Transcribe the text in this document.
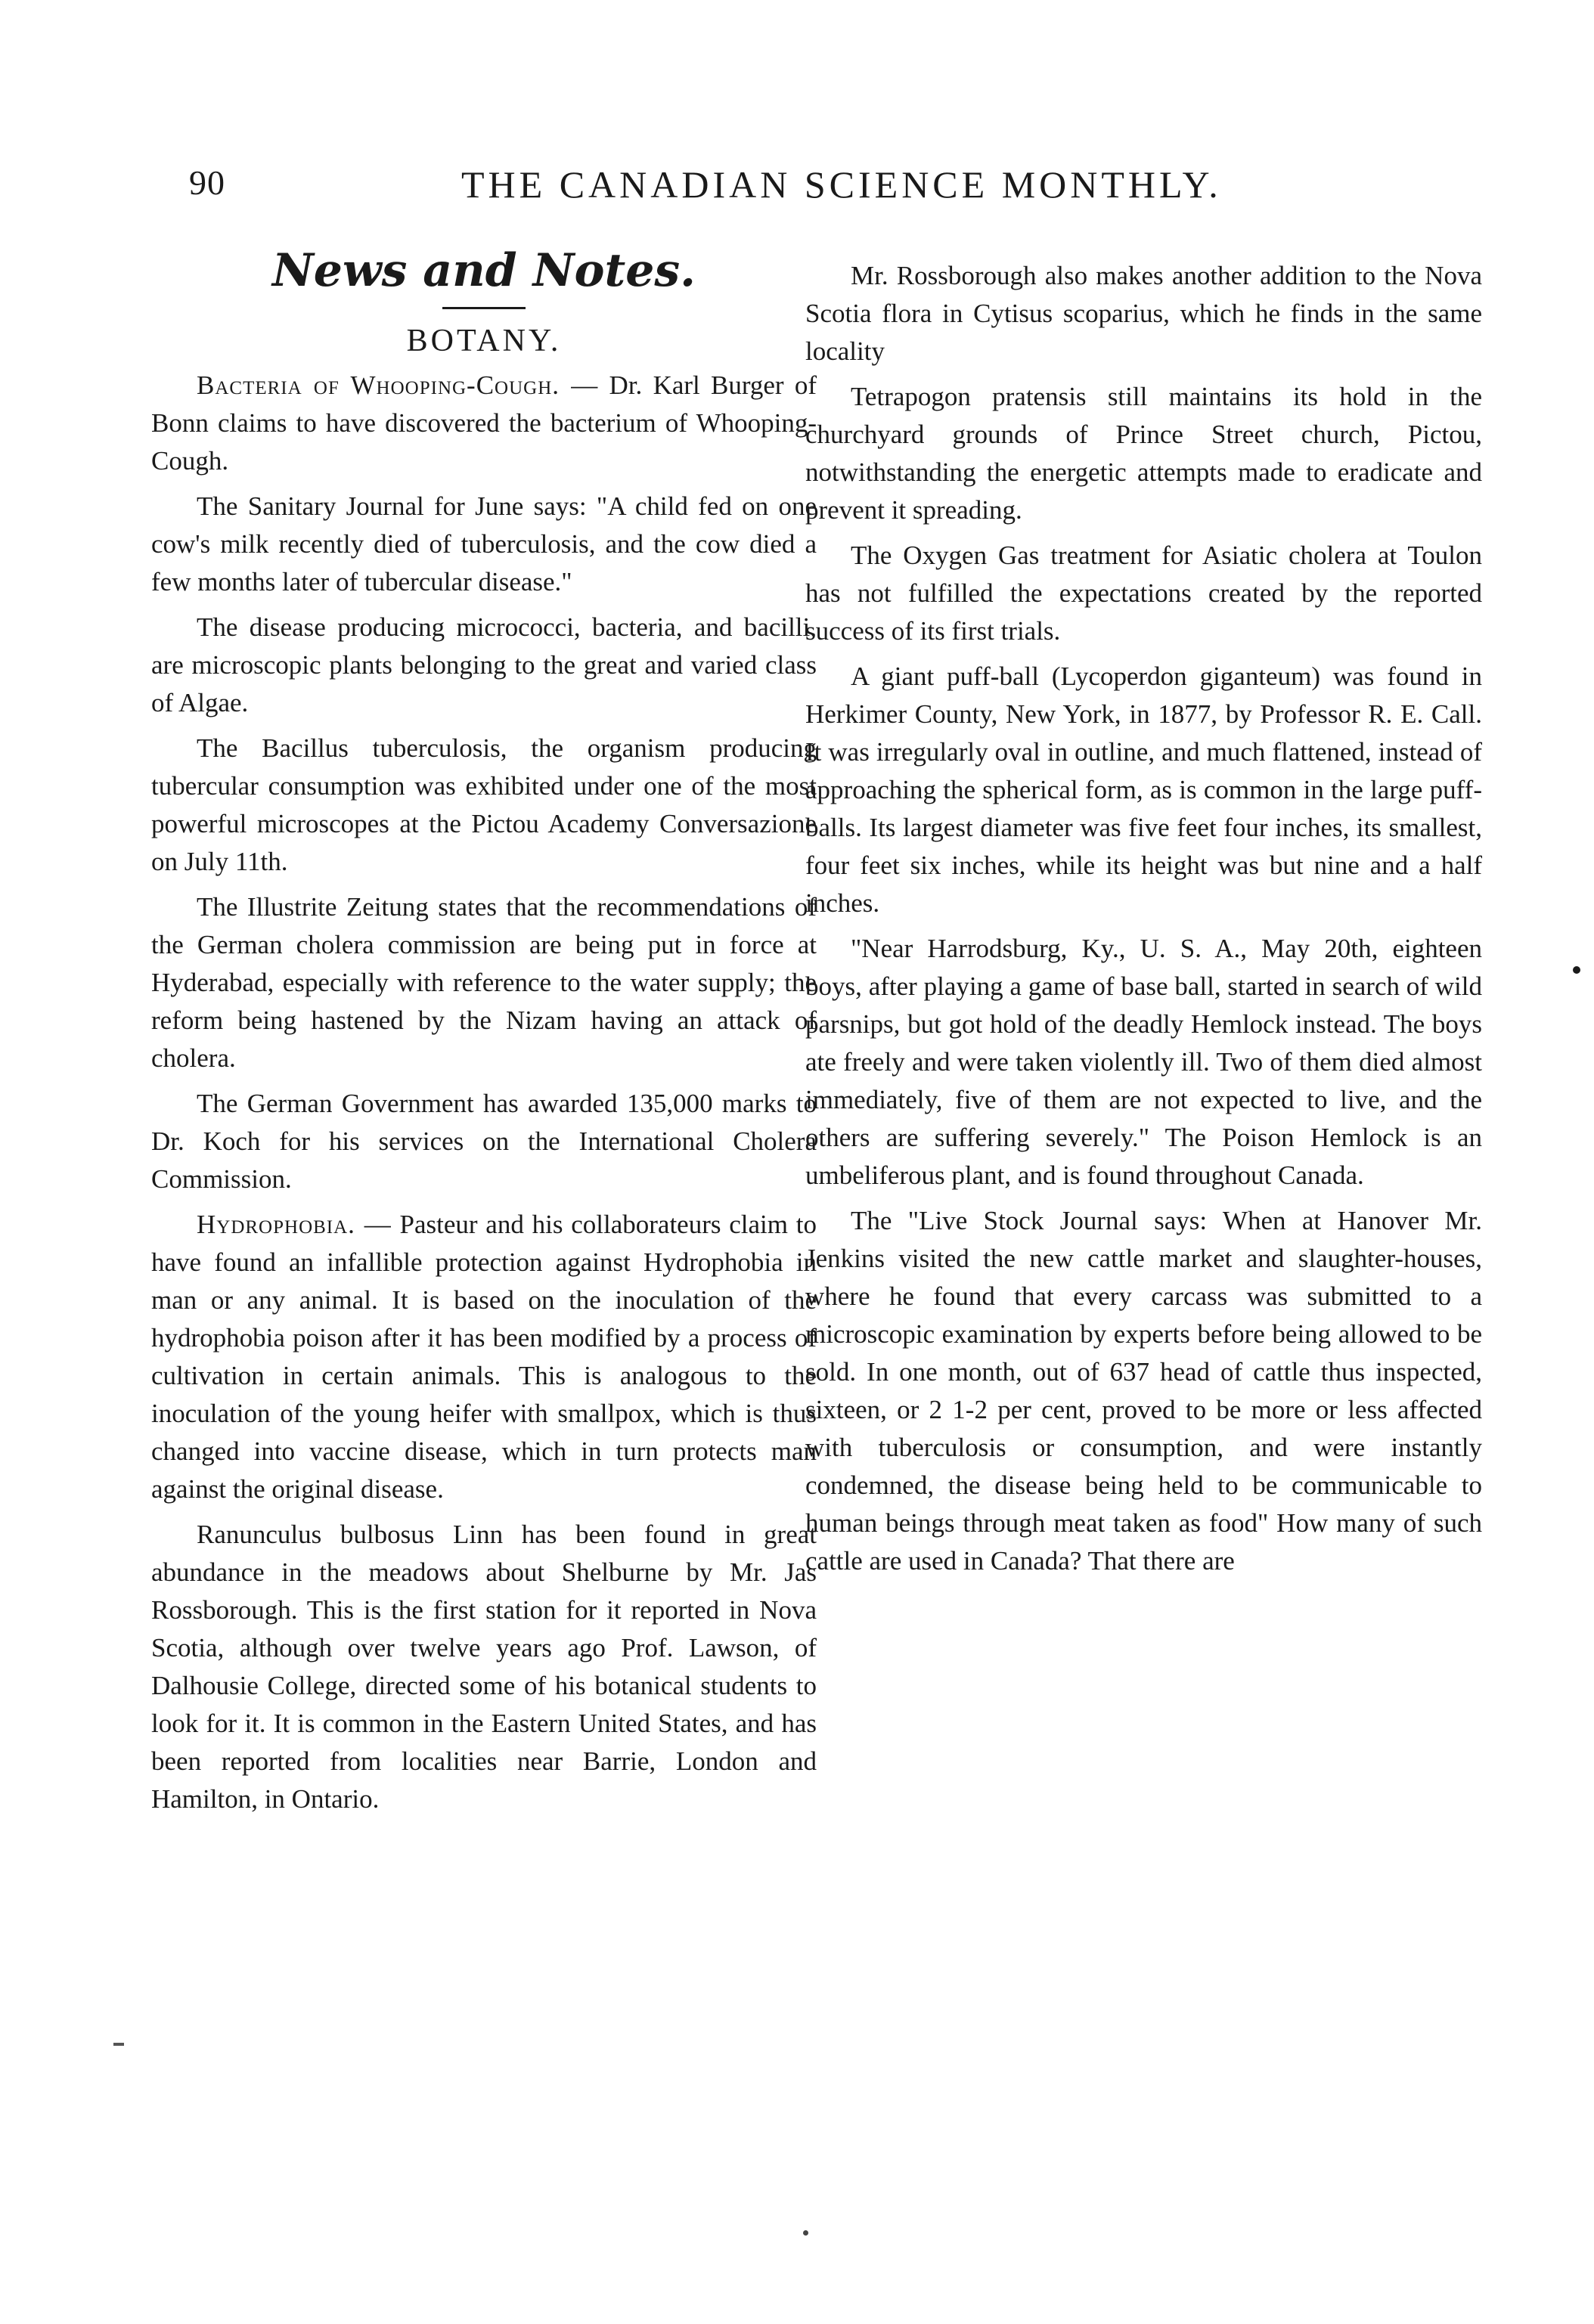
90	THE CANADIAN SCIENCE MONTHLY.
News and Notes.
BOTANY.

Bacteria of Whooping-Cough. — Dr. Karl Burger of Bonn claims to have discovered the bacterium of Whooping-Cough.

The Sanitary Journal for June says: "A child fed on one cow's milk recently died of tuberculosis, and the cow died a few months later of tubercular disease."

The disease producing micrococci, bacteria, and bacilli, are microscopic plants belonging to the great and varied class of Algae.

The Bacillus tuberculosis, the organism producing tubercular consumption was exhibited under one of the most powerful microscopes at the Pictou Academy Conversazione on July 11th.

The Illustrite Zeitung states that the recommendations of the German cholera commission are being put in force at Hyderabad, especially with reference to the water supply; the reform being hastened by the Nizam having an attack of cholera.

The German Government has awarded 135,000 marks to Dr. Koch for his services on the International Cholera Commission.

Hydrophobia. — Pasteur and his collaborateurs claim to have found an infallible protection against Hydrophobia in man or any animal. It is based on the inoculation of the hydrophobia poison after it has been modified by a process of cultivation in certain animals. This is analogous to the inoculation of the young heifer with smallpox, which is thus changed into vaccine disease, which in turn protects man against the original disease.

Ranunculus bulbosus Linn has been found in great abundance in the meadows about Shelburne by Mr. Jas Rossborough. This is the first station for it reported in Nova Scotia, although over twelve years ago Prof. Lawson, of Dalhousie College, directed some of his botanical students to look for it. It is common in the Eastern United States, and has been reported from localities near Barrie, London and Hamilton, in Ontario.

Mr. Rossborough also makes another addition to the Nova Scotia flora in Cytisus scoparius, which he finds in the same locality

Tetrapogon pratensis still maintains its hold in the churchyard grounds of Prince Street church, Pictou, notwithstanding the energetic attempts made to eradicate and prevent it spreading.

The Oxygen Gas treatment for Asiatic cholera at Toulon has not fulfilled the expectations created by the reported success of its first trials.

A giant puff-ball (Lycoperdon giganteum) was found in Herkimer County, New York, in 1877, by Professor R. E. Call. It was irregularly oval in outline, and much flattened, instead of approaching the spherical form, as is common in the large puff-balls. Its largest diameter was five feet four inches, its smallest, four feet six inches, while its height was but nine and a half inches.

"Near Harrodsburg, Ky., U. S. A., May 20th, eighteen boys, after playing a game of base ball, started in search of wild parsnips, but got hold of the deadly Hemlock instead. The boys ate freely and were taken violently ill. Two of them died almost immediately, five of them are not expected to live, and the others are suffering severely." The Poison Hemlock is an umbeliferous plant, and is found throughout Canada.

The "Live Stock Journal says: When at Hanover Mr. Jenkins visited the new cattle market and slaughter-houses, where he found that every carcass was submitted to a microscopic examination by experts before being allowed to be sold. In one month, out of 637 head of cattle thus inspected, sixteen, or 2 1-2 per cent, proved to be more or less affected with tuberculosis or consumption, and were instantly condemned, the disease being held to be communicable to human beings through meat taken as food" How many of such cattle are used in Canada? That there are
